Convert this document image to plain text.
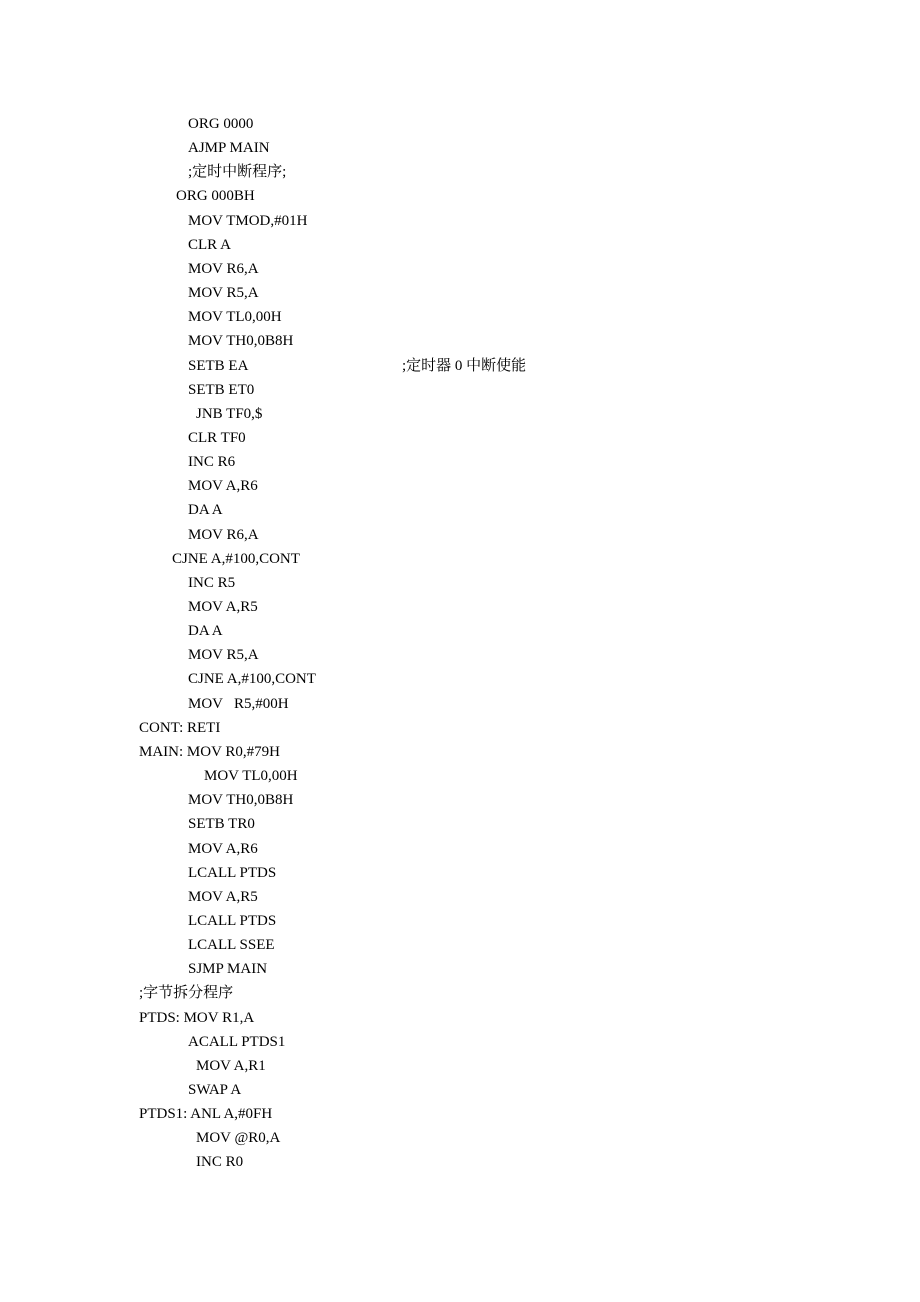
ORG 0000
AJMP MAIN
;定时中断程序;
ORG 000BH
MOV TMOD,#01H
CLR A
MOV R6,A
MOV R5,A
MOV TL0,00H
MOV TH0,0B8H
SETB EA	;定时器 0 中断使能
SETB ET0
JNB TF0,$
CLR TF0
INC R6
MOV A,R6
DA A
MOV R6,A
CJNE A,#100,CONT
INC R5
MOV A,R5
DA A
MOV R5,A
CJNE A,#100,CONT
MOV   R5,#00H
CONT: RETI
MAIN: MOV R0,#79H
MOV TL0,00H
MOV TH0,0B8H
SETB TR0
MOV A,R6
LCALL PTDS
MOV A,R5
LCALL PTDS
LCALL SSEE
SJMP MAIN
;字节拆分程序
PTDS: MOV R1,A
ACALL PTDS1
MOV A,R1
SWAP A
PTDS1: ANL A,#0FH
MOV @R0,A
INC R0
